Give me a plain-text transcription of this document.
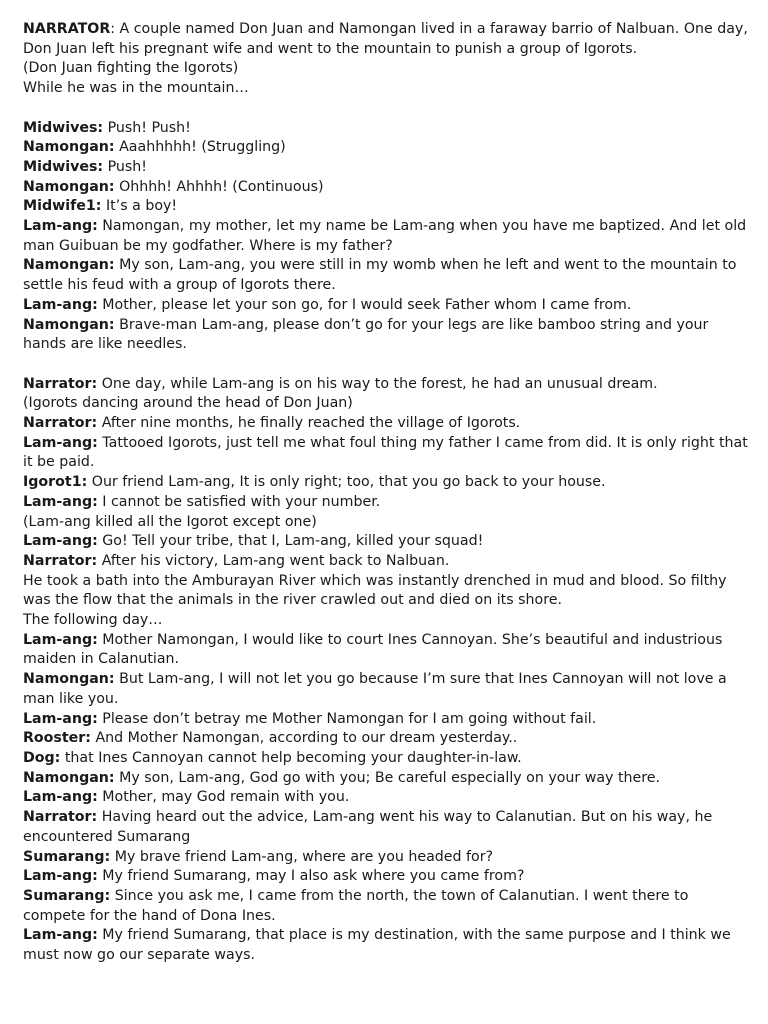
NARRATOR: A couple named Don Juan and Namongan lived in a faraway barrio of Nalbuan. One day, Don Juan left his pregnant wife and went to the mountain to punish a group of Igorots.

(Don Juan fighting the Igorots)

While he was in the mountain…

Midwives: Push! Push!

Namongan: Aaahhhhh! (Struggling)

Midwives: Push!

Namongan: Ohhhh! Ahhhh! (Continuous)

Midwife1: It’s a boy!

Lam-ang: Namongan, my mother, let my name be Lam-ang when you have me baptized. And let old man Guibuan be my godfather. Where is my father?

Namongan: My son, Lam-ang, you were still in my womb when he left and went to the mountain to settle his feud with a group of Igorots there.

Lam-ang: Mother, please let your son go, for I would seek Father whom I came from.

Namongan: Brave-man Lam-ang, please don’t go for your legs are like bamboo string and your hands are like needles.

Narrator: One day, while Lam-ang is on his way to the forest, he had an unusual dream.

(Igorots dancing around the head of Don Juan)

Narrator: After nine months, he finally reached the village of Igorots.

Lam-ang: Tattooed Igorots, just tell me what foul thing my father I came from did. It is only right that it be paid.

Igorot1: Our friend Lam-ang, It is only right; too, that you go back to your house.

Lam-ang: I cannot be satisfied with your number.

(Lam-ang killed all the Igorot except one)

Lam-ang: Go! Tell your tribe, that I, Lam-ang, killed your squad!

Narrator: After his victory, Lam-ang went back to Nalbuan.

He took a bath into the Amburayan River which was instantly drenched in mud and blood. So filthy was the flow that the animals in the river crawled out and died on its shore.

The following day…

Lam-ang: Mother Namongan, I would like to court Ines Cannoyan. She’s beautiful and industrious maiden in Calanutian.

Namongan: But Lam-ang, I will not let you go because I’m sure that Ines Cannoyan will not love a man like you.

Lam-ang: Please don’t betray me Mother Namongan for I am going without fail.

Rooster: And Mother Namongan, according to our dream yesterday..

Dog: that Ines Cannoyan cannot help becoming your daughter-in-law.

Namongan: My son, Lam-ang, God go with you; Be careful especially on your way there.

Lam-ang: Mother, may God remain with you.

Narrator: Having heard out the advice, Lam-ang went his way to Calanutian. But on his way, he encountered Sumarang

Sumarang: My brave friend Lam-ang, where are you headed for?

Lam-ang: My friend Sumarang, may I also ask where you came from?

Sumarang: Since you ask me, I came from the north, the town of Calanutian. I went there to compete for the hand of Dona Ines.

Lam-ang: My friend Sumarang, that place is my destination, with the same purpose and I think we must now go our separate ways.
